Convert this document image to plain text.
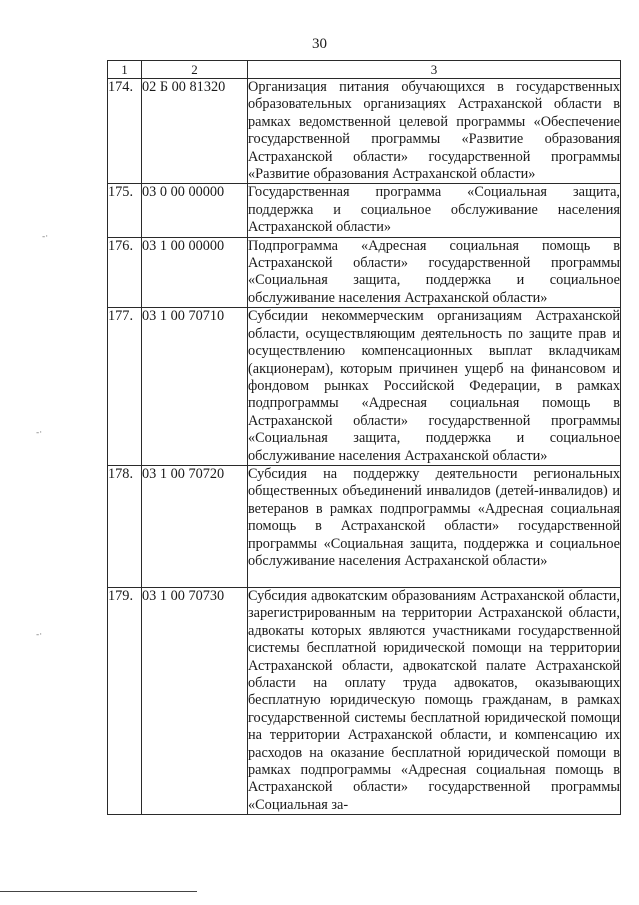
30
-·
-·
-·
1	2	3
174.	02 Б 00 81320	Организация питания обучающихся в государственных образовательных организациях Астраханской области в рамках ведомственной целевой программы «Обеспечение государственной программы «Развитие образования Астраханской области» государственной программы «Развитие образования Астраханской области»
175.	03 0 00 00000	Государственная программа «Социальная защита, поддержка и социальное обслуживание населения Астраханской области»
176.	03 1 00 00000	Подпрограмма «Адресная социальная помощь в Астраханской области» государственной программы «Социальная защита, поддержка и социальное обслуживание населения Астраханской области»
177.	03 1 00 70710	Субсидии некоммерческим организациям Астраханской области, осуществляющим деятельность по защите прав и осуществлению компенсационных выплат вкладчикам (акционерам), которым причинен ущерб на финансовом и фондовом рынках Российской Федерации, в рамках подпрограммы «Адресная социальная помощь в Астраханской области» государственной программы «Социальная защита, поддержка и социальное обслуживание населения Астраханской области»
178.	03 1 00 70720	Субсидия на поддержку деятельности региональных общественных объединений инвалидов (детей-инвалидов) и ветеранов в рамках подпрограммы «Адресная социальная помощь в Астраханской области» государственной программы «Социальная защита, поддержка и социальное обслуживание населения Астраханской области»
179.	03 1 00 70730	Субсидия адвокатским образованиям Астраханской области, зарегистрированным на территории Астраханской области, адвокаты которых являются участниками государственной системы бесплатной юридической помощи на территории Астраханской области, адвокатской палате Астраханской области на оплату труда адвокатов, оказывающих бесплатную юридическую помощь гражданам, в рамках государственной системы бесплатной юридической помощи на территории Астраханской области, и компенсацию их расходов на оказание бесплатной юридической помощи в рамках подпрограммы «Адресная социальная помощь в Астраханской области» государственной программы «Социальная за-
